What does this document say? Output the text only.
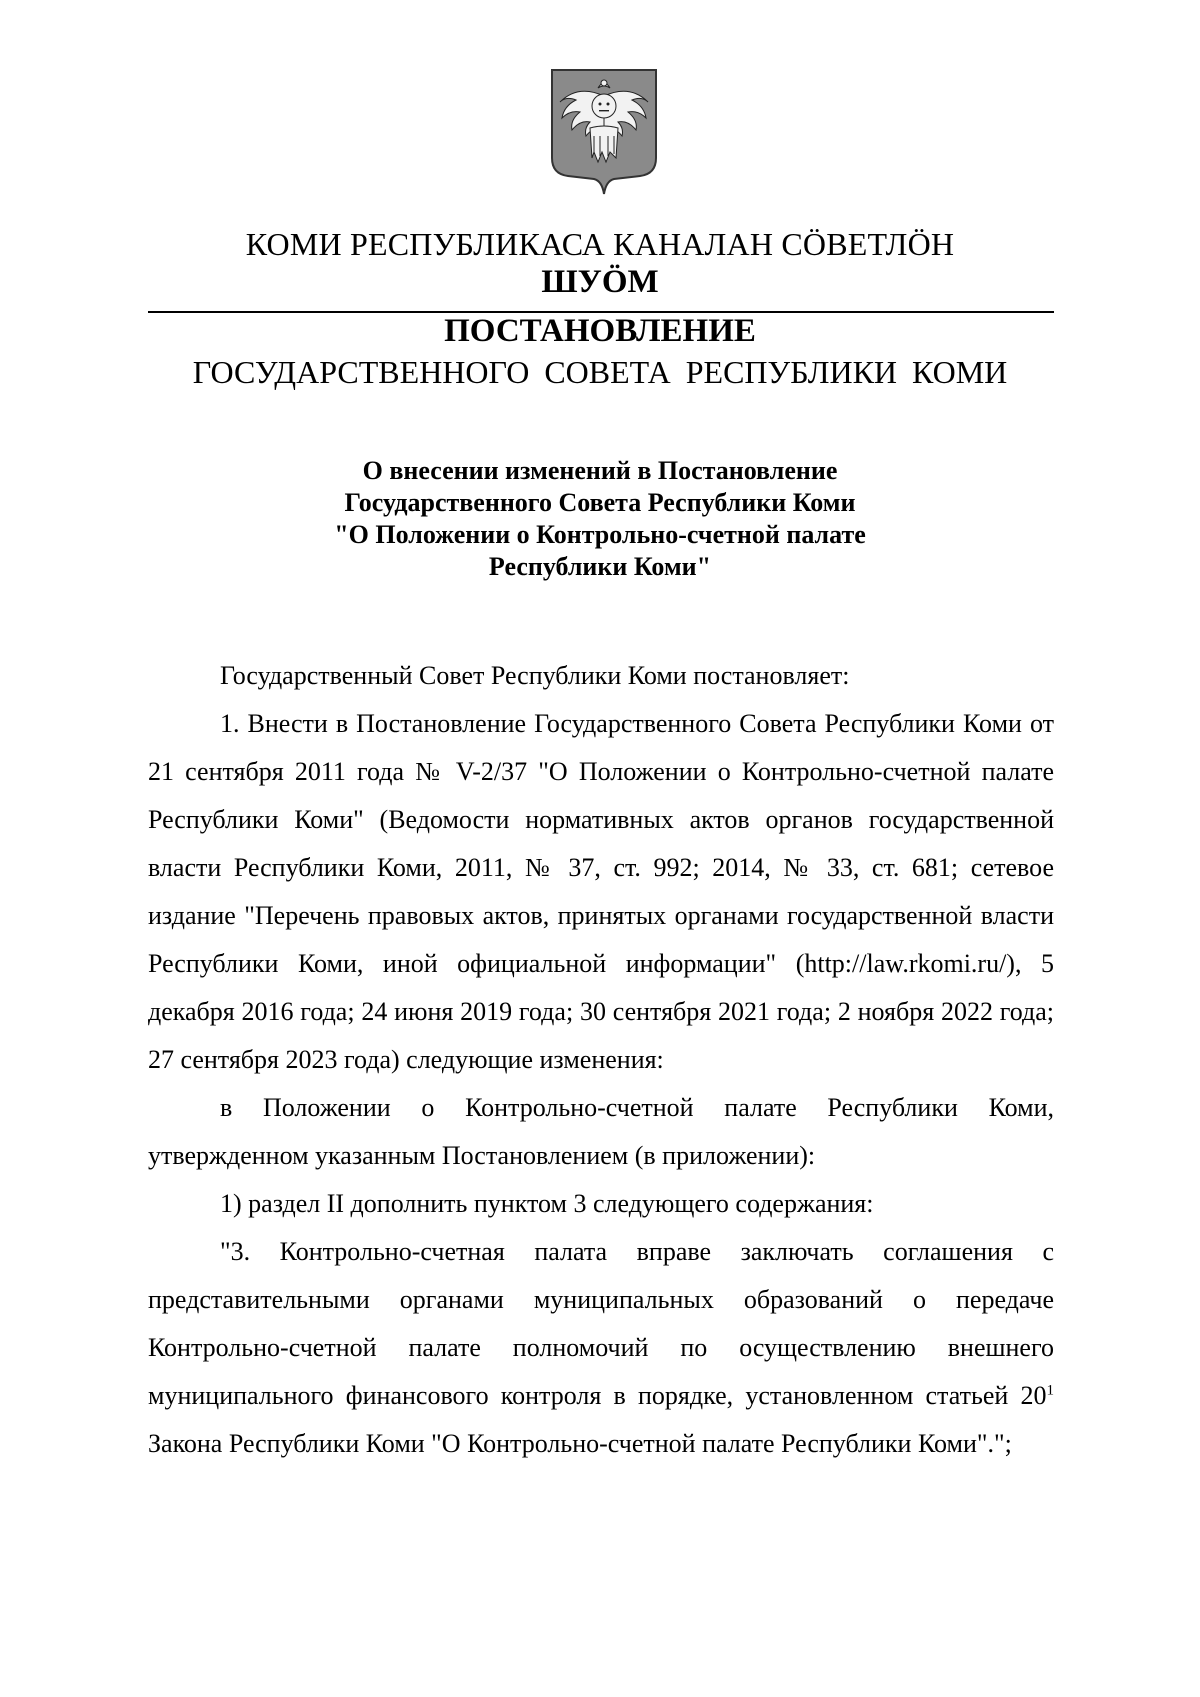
КОМИ РЕСПУБЛИКАСА КАНАЛАН СÖВЕТЛÖН
ШУÖМ
ПОСТАНОВЛЕНИЕ
ГОСУДАРСТВЕННОГО СОВЕТА РЕСПУБЛИКИ КОМИ
О внесении изменений в Постановление
Государственного Совета Республики Коми
"О Положении о Контрольно-счетной палате
Республики Коми"

Государственный Совет Республики Коми постановляет:

1. Внести в Постановление Государственного Совета Республики Коми от 21 сентября 2011 года № V-2/37 "О Положении о Контрольно-счетной палате Республики Коми" (Ведомости нормативных актов органов государственной власти Республики Коми, 2011, № 37, ст. 992; 2014, № 33, ст. 681; сетевое издание "Перечень правовых актов, принятых органами государственной власти Республики Коми, иной официальной информации" (http://law.rkomi.ru/), 5 декабря 2016 года; 24 июня 2019 года; 30 сентября 2021 года; 2 ноября 2022 года; 27 сентября 2023 года) следующие изменения:

в Положении о Контрольно-счетной палате Республики Коми, утвержденном указанным Постановлением (в приложении):

1) раздел II дополнить пунктом 3 следующего содержания:

"3. Контрольно-счетная палата вправе заключать соглашения с представительными органами муниципальных образований о передаче Контрольно-счетной палате полномочий по осуществлению внешнего муниципального финансового контроля в порядке, установленном статьей $20^1$ Закона Республики Коми "О Контрольно-счетной палате Республики Коми".";
